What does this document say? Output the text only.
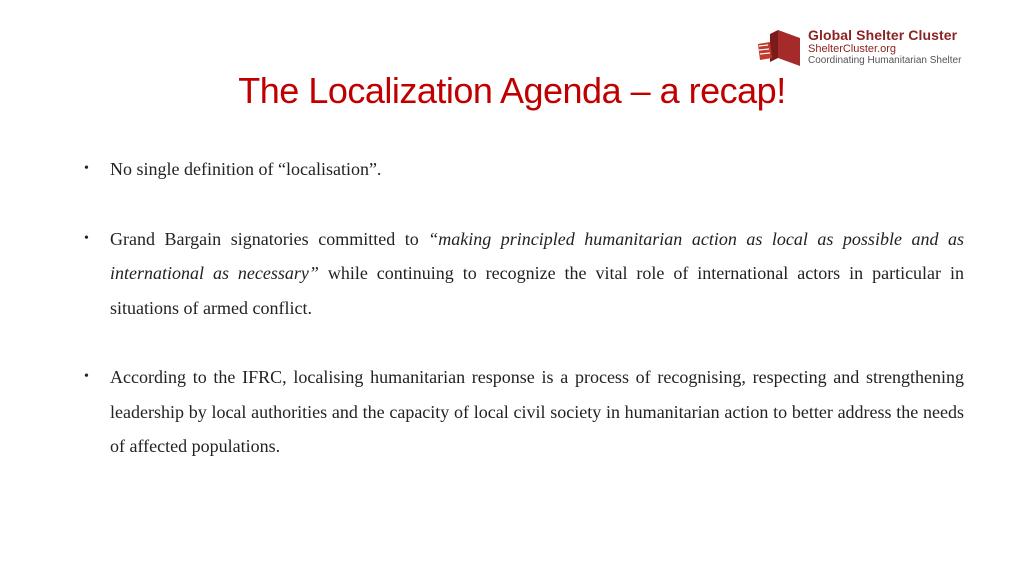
Global Shelter Cluster
ShelterCluster.org
Coordinating Humanitarian Shelter
The Localization Agenda – a recap!
• No single definition of “localisation”.
• Grand Bargain signatories committed to “making principled humanitarian action as local as possible and as international as necessary” while continuing to recognize the vital role of international actors in particular in situations of armed conflict.
• According to the IFRC, localising humanitarian response is a process of recognising, respecting and strengthening leadership by local authorities and the capacity of local civil society in humanitarian action to better address the needs of affected populations.
